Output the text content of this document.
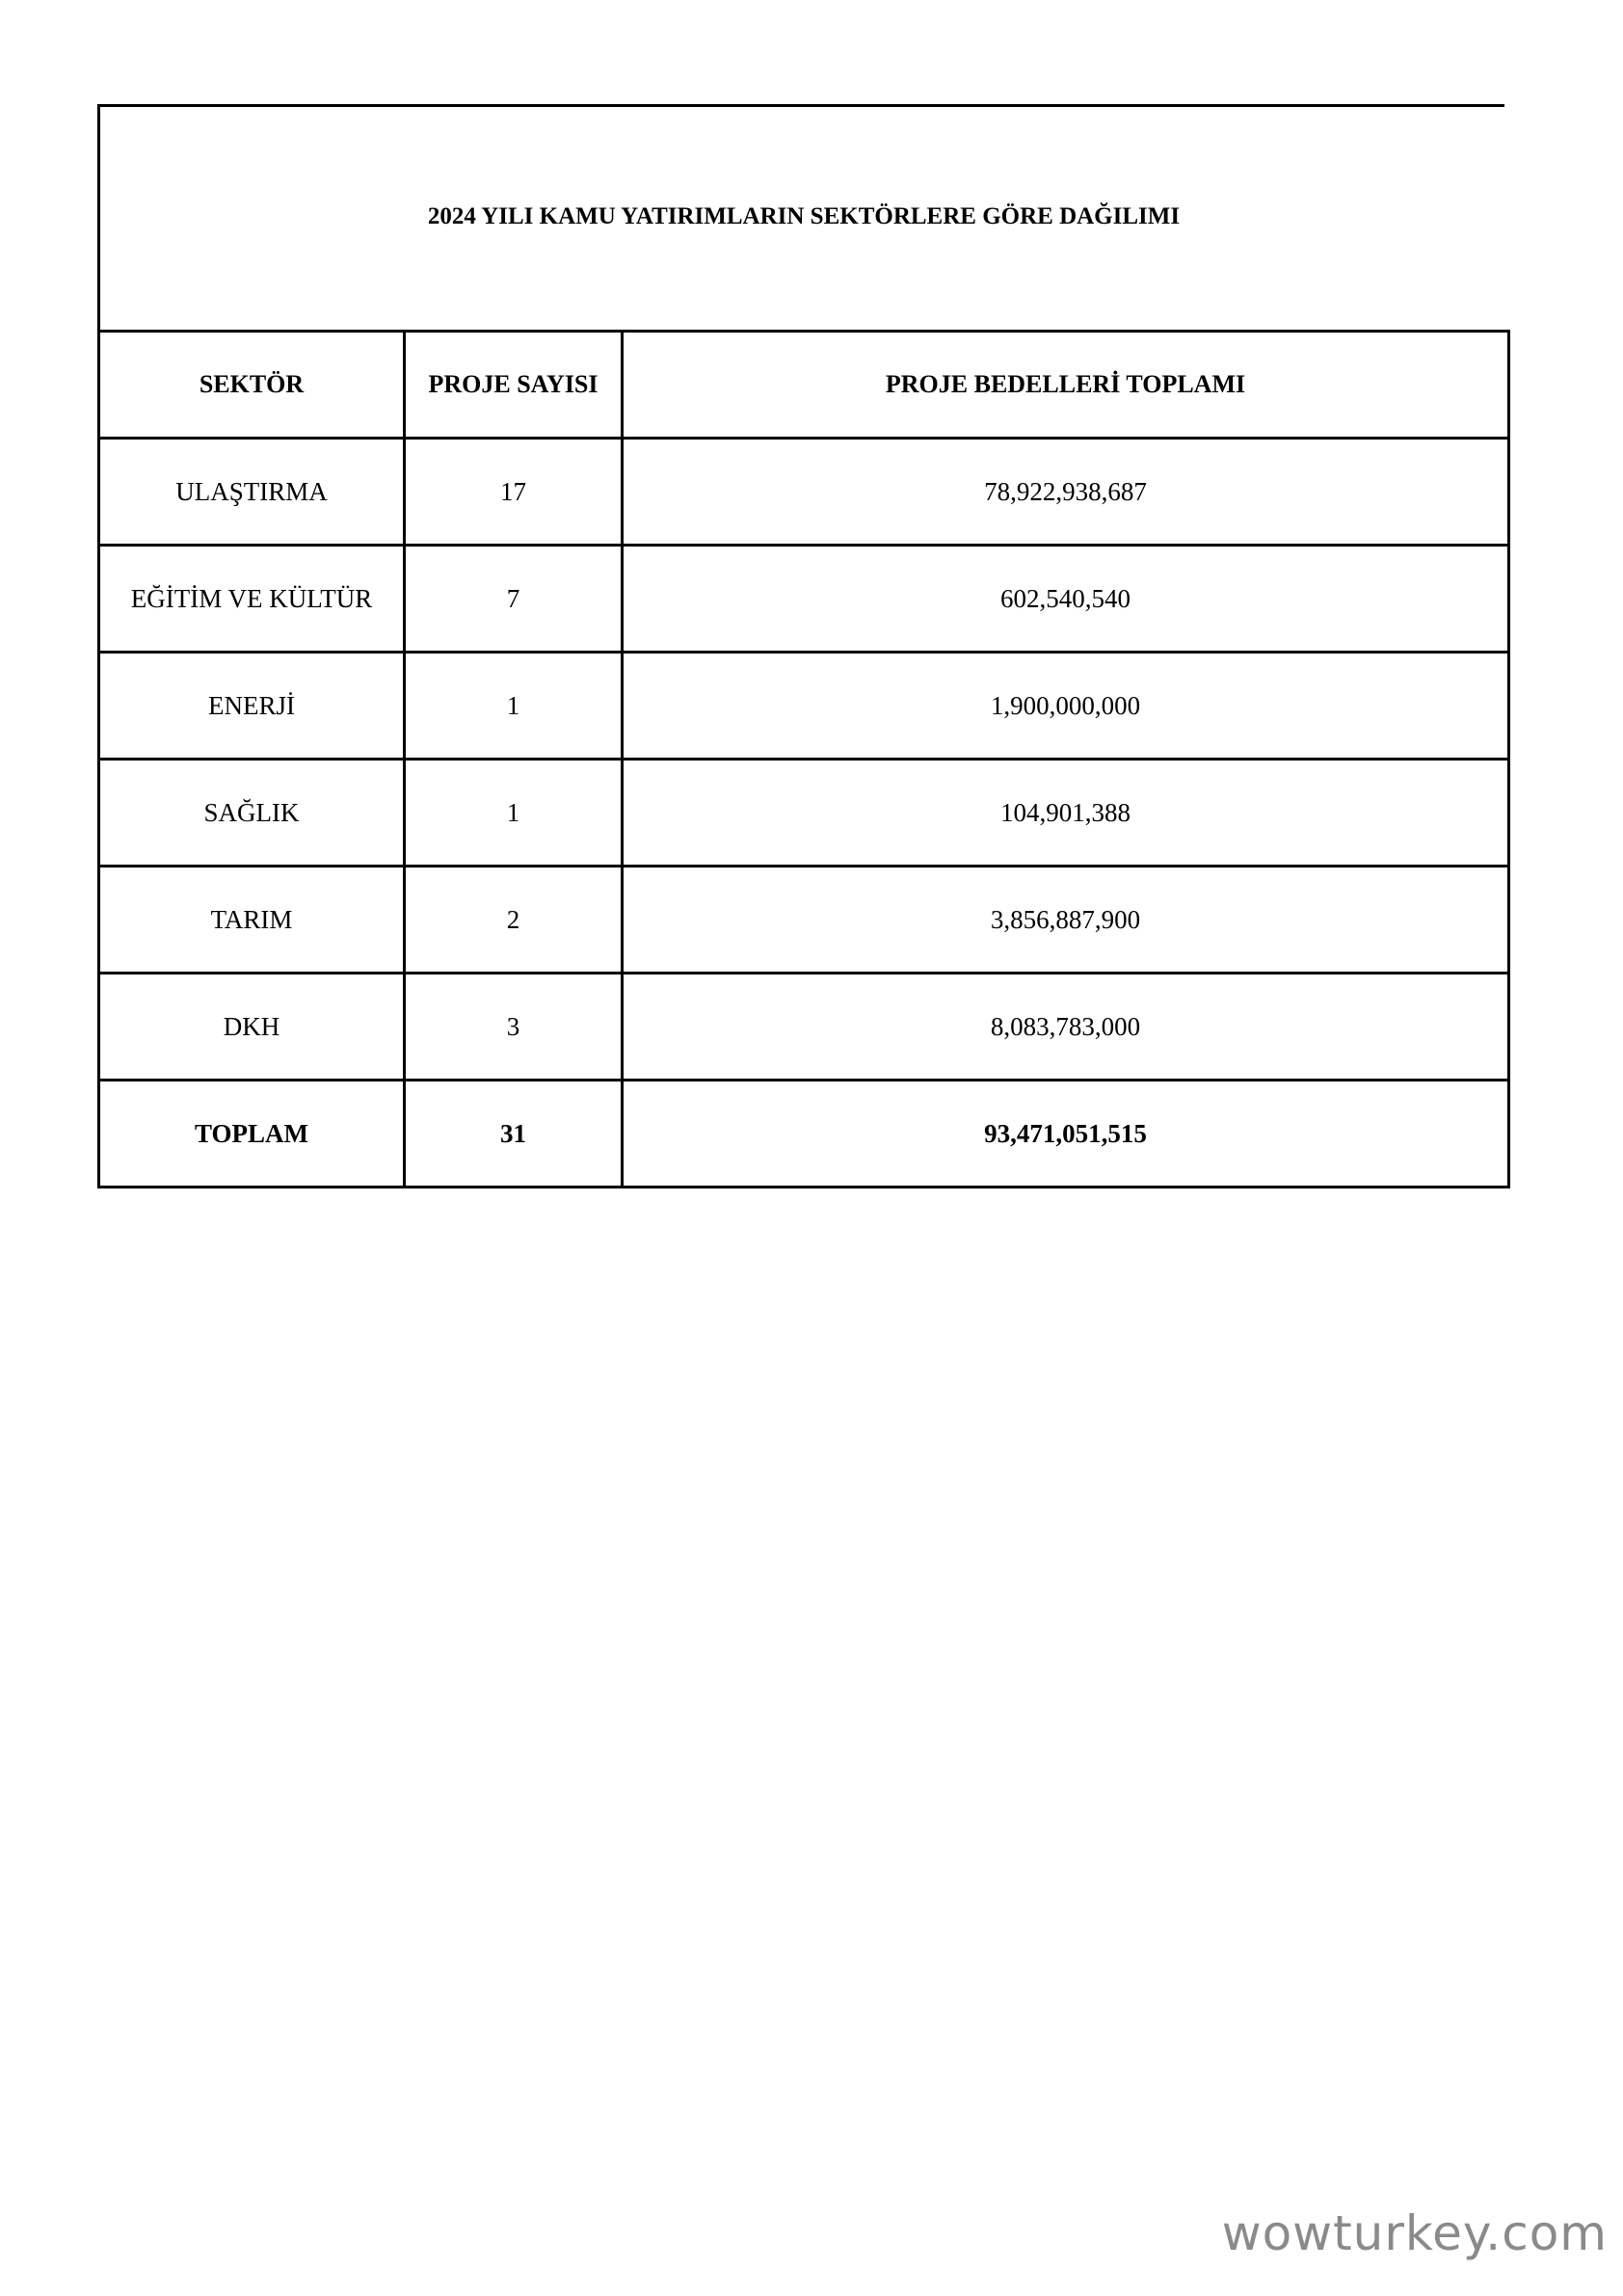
2024 YILI KAMU YATIRIMLARIN SEKTÖRLERE GÖRE DAĞILIMI
SEKTÖR	PROJE SAYISI	PROJE BEDELLERİ TOPLAMI
ULAŞTIRMA	17	78,922,938,687
EĞİTİM VE KÜLTÜR	7	602,540,540
ENERJİ	1	1,900,000,000
SAĞLIK	1	104,901,388
TARIM	2	3,856,887,900
DKH	3	8,083,783,000
TOPLAM	31	93,471,051,515
wowturkey.com
